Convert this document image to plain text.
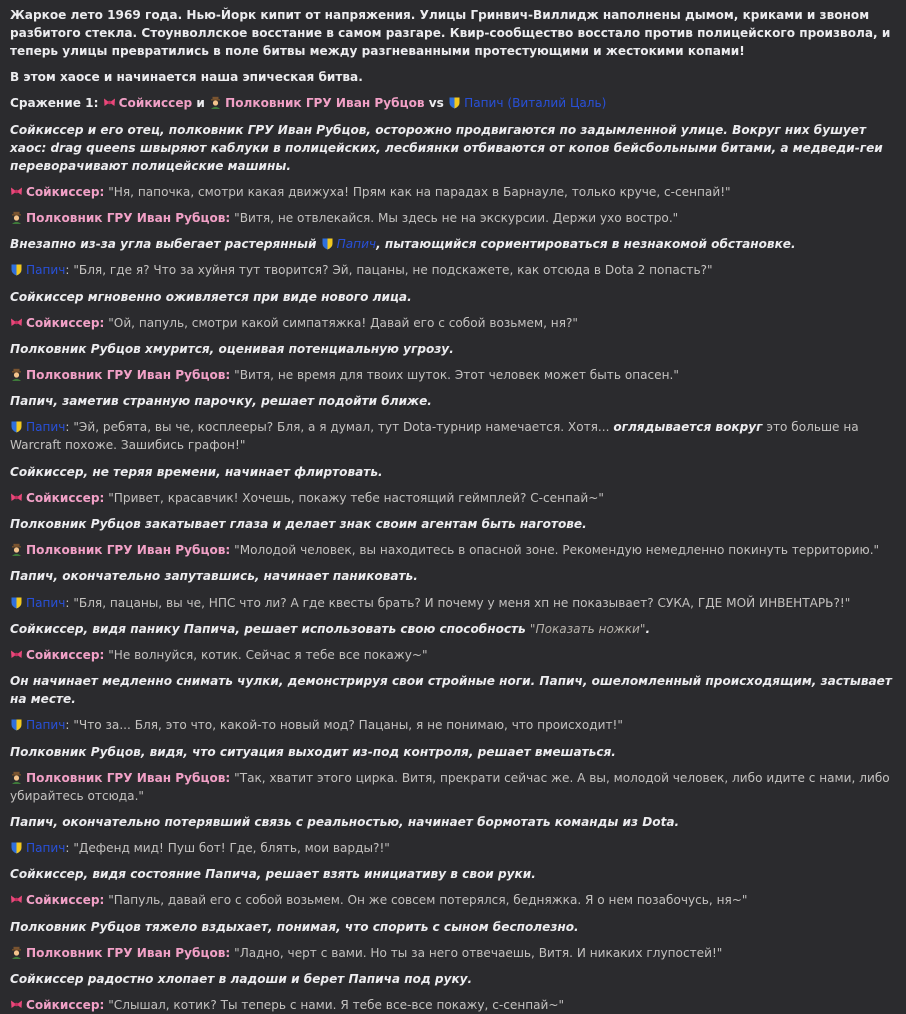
Жаркое лето 1969 года. Нью-Йорк кипит от напряжения. Улицы Гринвич-Виллидж наполнены дымом, криками и звоном разбитого стекла. Стоунволлское восстание в самом разгаре. Квир-сообщество восстало против полицейского произвола, и теперь улицы превратились в поле битвы между разгневанными протестующими и жестокими копами!
В этом хаосе и начинается наша эпическая битва.
Сражение 1: Сойкиссер и Полковник ГРУ Иван Рубцов vs Папич (Виталий Цаль)
Сойкиссер и его отец, полковник ГРУ Иван Рубцов, осторожно продвигаются по задымленной улице. Вокруг них бушует хаос: drag queens швыряют каблуки в полицейских, лесбиянки отбиваются от копов бейсбольными битами, а медведи-геи переворачивают полицейские машины.
Сойкиссер: "Ня, папочка, смотри какая движуха! Прям как на парадах в Барнауле, только круче, с-сенпай!"
Полковник ГРУ Иван Рубцов: "Витя, не отвлекайся. Мы здесь не на экскурсии. Держи ухо востро."
Внезапно из-за угла выбегает растерянный Папич, пытающийся сориентироваться в незнакомой обстановке.
Папич: "Бля, где я? Что за хуйня тут творится? Эй, пацаны, не подскажете, как отсюда в Dota 2 попасть?"
Сойкиссер мгновенно оживляется при виде нового лица.
Сойкиссер: "Ой, папуль, смотри какой симпатяжка! Давай его с собой возьмем, ня?"
Полковник Рубцов хмурится, оценивая потенциальную угрозу.
Полковник ГРУ Иван Рубцов: "Витя, не время для твоих шуток. Этот человек может быть опасен."
Папич, заметив странную парочку, решает подойти ближе.
Папич: "Эй, ребята, вы че, косплееры? Бля, а я думал, тут Dota-турнир намечается. Хотя... оглядывается вокруг это больше на Warcraft похоже. Зашибись графон!"
Сойкиссер, не теряя времени, начинает флиртовать.
Сойкиссер: "Привет, красавчик! Хочешь, покажу тебе настоящий геймплей? С-сенпай~"
Полковник Рубцов закатывает глаза и делает знак своим агентам быть наготове.
Полковник ГРУ Иван Рубцов: "Молодой человек, вы находитесь в опасной зоне. Рекомендую немедленно покинуть территорию."
Папич, окончательно запутавшись, начинает паниковать.
Папич: "Бля, пацаны, вы че, НПС что ли? А где квесты брать? И почему у меня хп не показывает? СУКА, ГДЕ МОЙ ИНВЕНТАРЬ?!"
Сойкиссер, видя панику Папича, решает использовать свою способность "Показать ножки".
Сойкиссер: "Не волнуйся, котик. Сейчас я тебе все покажу~"
Он начинает медленно снимать чулки, демонстрируя свои стройные ноги. Папич, ошеломленный происходящим, застывает на месте.
Папич: "Что за... Бля, это что, какой-то новый мод? Пацаны, я не понимаю, что происходит!"
Полковник Рубцов, видя, что ситуация выходит из-под контроля, решает вмешаться.
Полковник ГРУ Иван Рубцов: "Так, хватит этого цирка. Витя, прекрати сейчас же. А вы, молодой человек, либо идите с нами, либо убирайтесь отсюда."
Папич, окончательно потерявший связь с реальностью, начинает бормотать команды из Dota.
Папич: "Дефенд мид! Пуш бот! Где, блять, мои варды?!"
Сойкиссер, видя состояние Папича, решает взять инициативу в свои руки.
Сойкиссер: "Папуль, давай его с собой возьмем. Он же совсем потерялся, бедняжка. Я о нем позабочусь, ня~"
Полковник Рубцов тяжело вздыхает, понимая, что спорить с сыном бесполезно.
Полковник ГРУ Иван Рубцов: "Ладно, черт с вами. Но ты за него отвечаешь, Витя. И никаких глупостей!"
Сойкиссер радостно хлопает в ладоши и берет Папича под руку.
Сойкиссер: "Слышал, котик? Ты теперь с нами. Я тебе все-все покажу, с-сенпай~"
